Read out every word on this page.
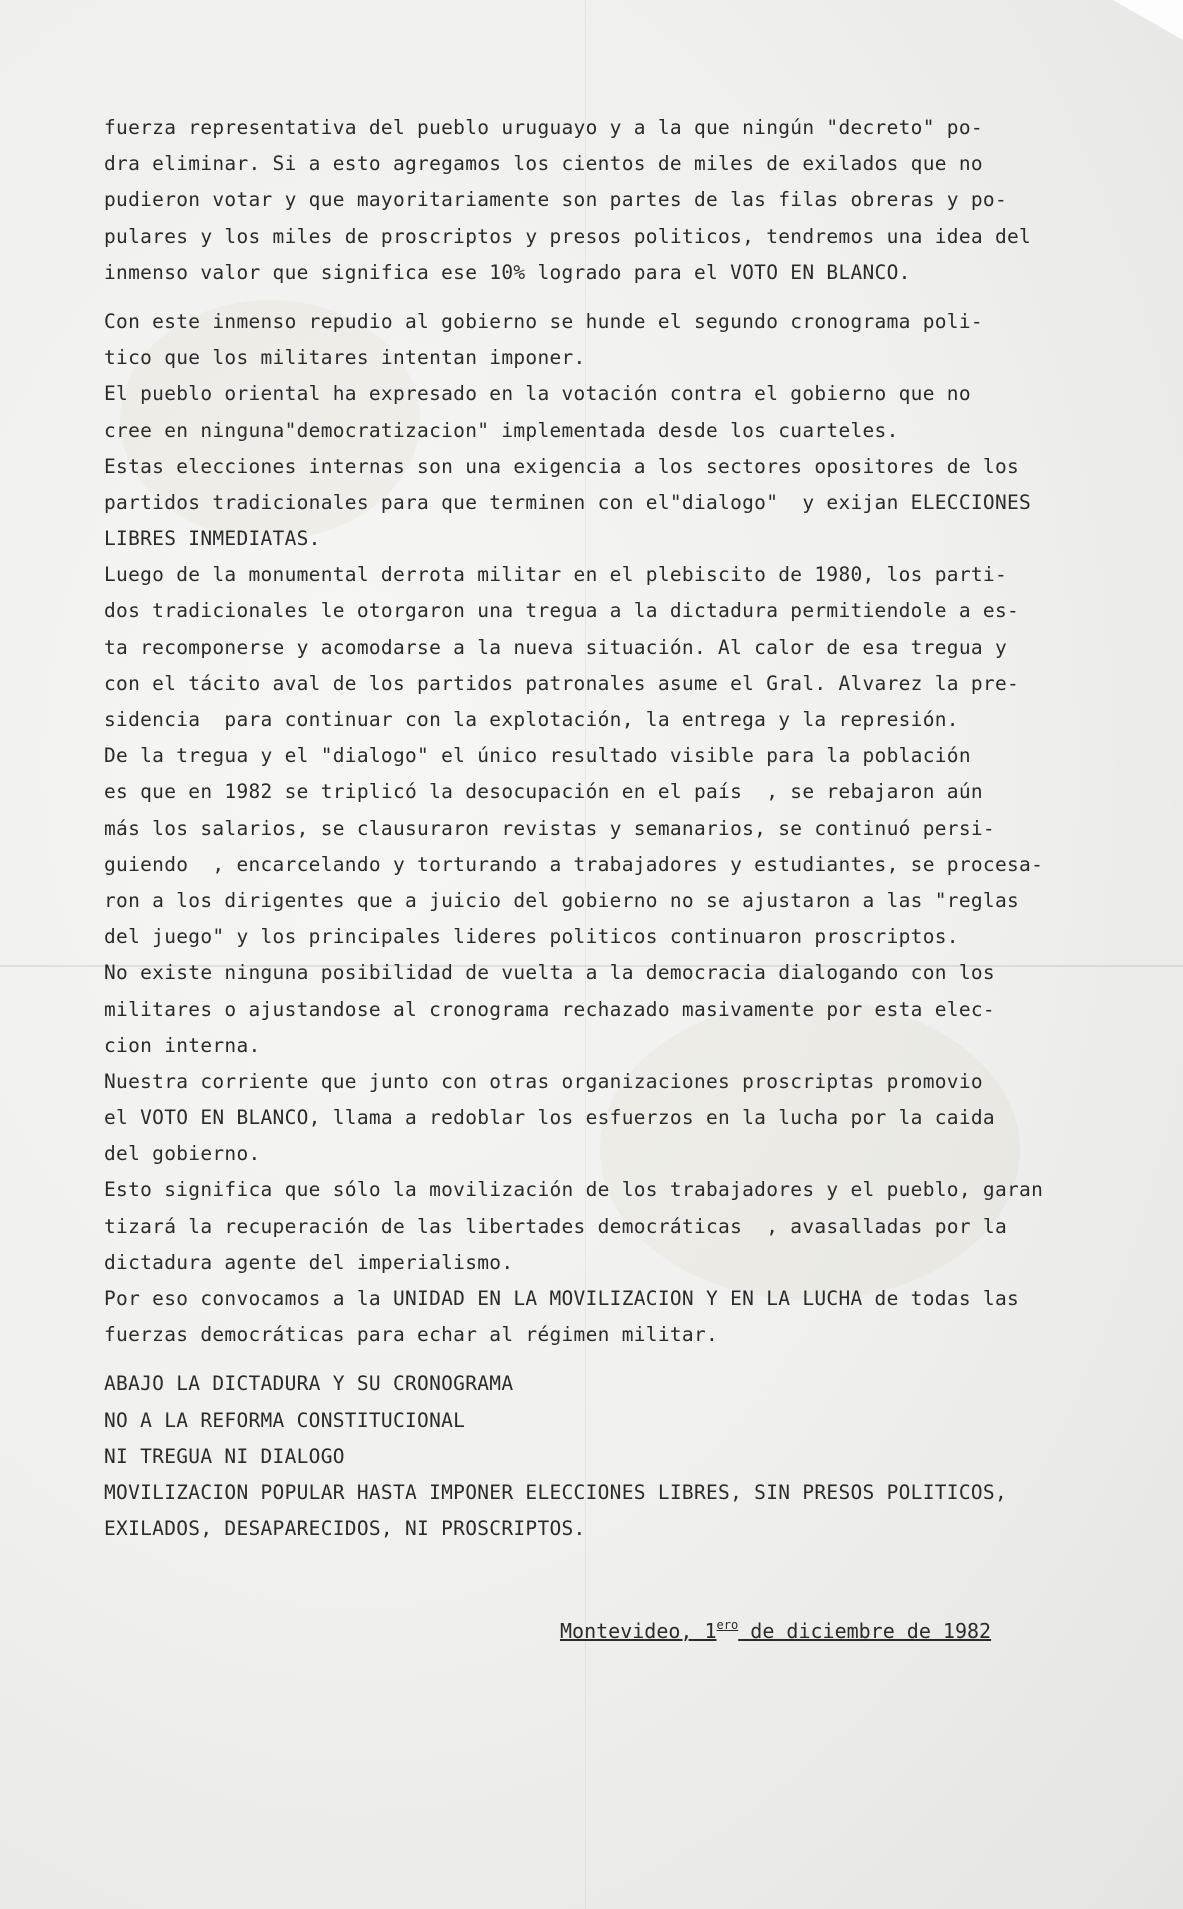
fuerza representativa del pueblo uruguayo y a la que ningún "decreto" po-
dra eliminar. Si a esto agregamos los cientos de miles de exilados que no
pudieron votar y que mayoritariamente son partes de las filas obreras y po-
pulares y los miles de proscriptos y presos politicos, tendremos una idea del
inmenso valor que significa ese 10% logrado para el VOTO EN BLANCO.
Con este inmenso repudio al gobierno se hunde el segundo cronograma poli-
tico que los militares intentan imponer.
El pueblo oriental ha expresado en la votación contra el gobierno que no
cree en ninguna"democratizacion" implementada desde los cuarteles.
Estas elecciones internas son una exigencia a los sectores opositores de los
partidos tradicionales para que terminen con el"dialogo"  y exijan ELECCIONES
LIBRES INMEDIATAS.
Luego de la monumental derrota militar en el plebiscito de 1980, los parti-
dos tradicionales le otorgaron una tregua a la dictadura permitiendole a es-
ta recomponerse y acomodarse a la nueva situación. Al calor de esa tregua y
con el tácito aval de los partidos patronales asume el Gral. Alvarez la pre-
sidencia  para continuar con la explotación, la entrega y la represión.
De la tregua y el "dialogo" el único resultado visible para la población
es que en 1982 se triplicó la desocupación en el país  , se rebajaron aún
más los salarios, se clausuraron revistas y semanarios, se continuó persi-
guiendo  , encarcelando y torturando a trabajadores y estudiantes, se procesa-
ron a los dirigentes que a juicio del gobierno no se ajustaron a las "reglas
del juego" y los principales lideres politicos continuaron proscriptos.
No existe ninguna posibilidad de vuelta a la democracia dialogando con los
militares o ajustandose al cronograma rechazado masivamente por esta elec-
cion interna.
Nuestra corriente que junto con otras organizaciones proscriptas promovio
el VOTO EN BLANCO, llama a redoblar los esfuerzos en la lucha por la caida
del gobierno.
Esto significa que sólo la movilización de los trabajadores y el pueblo, garan
tizará la recuperación de las libertades democráticas  , avasalladas por la
dictadura agente del imperialismo.
Por eso convocamos a la UNIDAD EN LA MOVILIZACION Y EN LA LUCHA de todas las
fuerzas democráticas para echar al régimen militar.
ABAJO LA DICTADURA Y SU CRONOGRAMA
NO A LA REFORMA CONSTITUCIONAL
NI TREGUA NI DIALOGO
MOVILIZACION POPULAR HASTA IMPONER ELECCIONES LIBRES, SIN PRESOS POLITICOS,
EXILADOS, DESAPARECIDOS, NI PROSCRIPTOS.
Montevideo, $1^{ero}$ de diciembre de 1982
